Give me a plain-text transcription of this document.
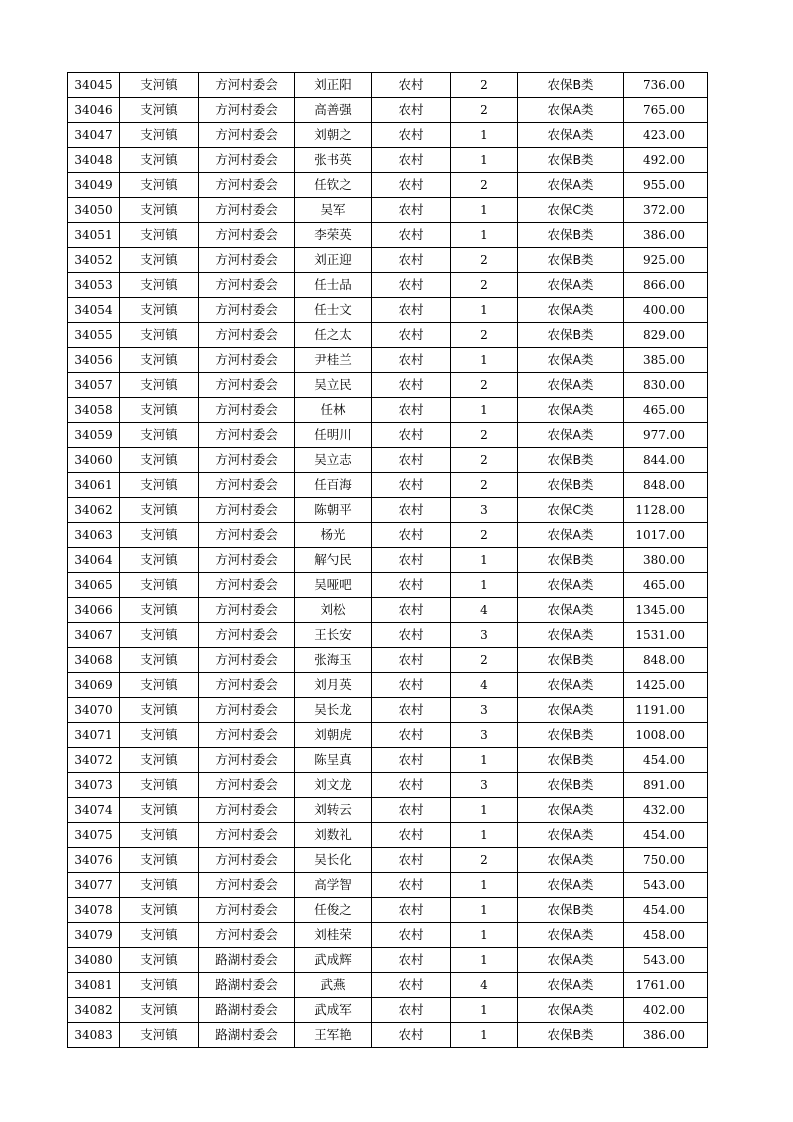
34045	支河镇	方河村委会	刘正阳	农村	2	农保B类	736.00
34046	支河镇	方河村委会	高善强	农村	2	农保A类	765.00
34047	支河镇	方河村委会	刘朝之	农村	1	农保A类	423.00
34048	支河镇	方河村委会	张书英	农村	1	农保B类	492.00
34049	支河镇	方河村委会	任钦之	农村	2	农保A类	955.00
34050	支河镇	方河村委会	吴军	农村	1	农保C类	372.00
34051	支河镇	方河村委会	李荣英	农村	1	农保B类	386.00
34052	支河镇	方河村委会	刘正迎	农村	2	农保B类	925.00
34053	支河镇	方河村委会	任士品	农村	2	农保A类	866.00
34054	支河镇	方河村委会	任士文	农村	1	农保A类	400.00
34055	支河镇	方河村委会	任之太	农村	2	农保B类	829.00
34056	支河镇	方河村委会	尹桂兰	农村	1	农保A类	385.00
34057	支河镇	方河村委会	吴立民	农村	2	农保A类	830.00
34058	支河镇	方河村委会	任林	农村	1	农保A类	465.00
34059	支河镇	方河村委会	任明川	农村	2	农保A类	977.00
34060	支河镇	方河村委会	吴立志	农村	2	农保B类	844.00
34061	支河镇	方河村委会	任百海	农村	2	农保B类	848.00
34062	支河镇	方河村委会	陈朝平	农村	3	农保C类	1128.00
34063	支河镇	方河村委会	杨光	农村	2	农保A类	1017.00
34064	支河镇	方河村委会	解勺民	农村	1	农保B类	380.00
34065	支河镇	方河村委会	吴哑吧	农村	1	农保A类	465.00
34066	支河镇	方河村委会	刘松	农村	4	农保A类	1345.00
34067	支河镇	方河村委会	王长安	农村	3	农保A类	1531.00
34068	支河镇	方河村委会	张海玉	农村	2	农保B类	848.00
34069	支河镇	方河村委会	刘月英	农村	4	农保A类	1425.00
34070	支河镇	方河村委会	吴长龙	农村	3	农保A类	1191.00
34071	支河镇	方河村委会	刘朝虎	农村	3	农保B类	1008.00
34072	支河镇	方河村委会	陈呈真	农村	1	农保B类	454.00
34073	支河镇	方河村委会	刘文龙	农村	3	农保B类	891.00
34074	支河镇	方河村委会	刘转云	农村	1	农保A类	432.00
34075	支河镇	方河村委会	刘数礼	农村	1	农保A类	454.00
34076	支河镇	方河村委会	吴长化	农村	2	农保A类	750.00
34077	支河镇	方河村委会	高学智	农村	1	农保A类	543.00
34078	支河镇	方河村委会	任俊之	农村	1	农保B类	454.00
34079	支河镇	方河村委会	刘桂荣	农村	1	农保A类	458.00
34080	支河镇	路湖村委会	武成辉	农村	1	农保A类	543.00
34081	支河镇	路湖村委会	武燕	农村	4	农保A类	1761.00
34082	支河镇	路湖村委会	武成军	农村	1	农保A类	402.00
34083	支河镇	路湖村委会	王军艳	农村	1	农保B类	386.00
